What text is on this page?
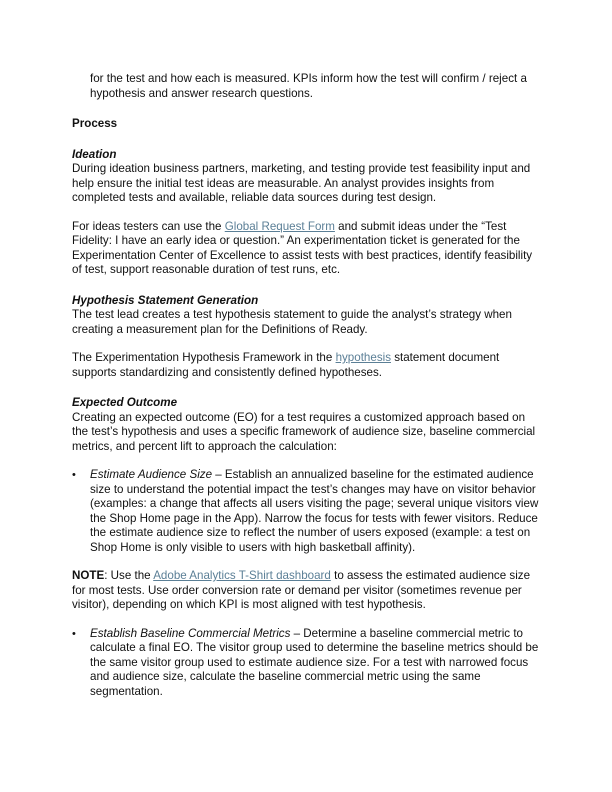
for the test and how each is measured. KPIs inform how the test will confirm / reject a hypothesis and answer research questions.

Process

Ideation

During ideation business partners, marketing, and testing provide test feasibility input and help ensure the initial test ideas are measurable. An analyst provides insights from completed tests and available, reliable data sources during test design.

For ideas testers can use the Global Request Form and submit ideas under the “Test Fidelity: I have an early idea or question.” An experimentation ticket is generated for the Experimentation Center of Excellence to assist tests with best practices, identify feasibility of test, support reasonable duration of test runs, etc.

Hypothesis Statement Generation

The test lead creates a test hypothesis statement to guide the analyst’s strategy when creating a measurement plan for the Definitions of Ready.

The Experimentation Hypothesis Framework in the hypothesis statement document supports standardizing and consistently defined hypotheses.

Expected Outcome

Creating an expected outcome (EO) for a test requires a customized approach based on the test’s hypothesis and uses a specific framework of audience size, baseline commercial metrics, and percent lift to approach the calculation:

• Estimate Audience Size – Establish an annualized baseline for the estimated audience size to understand the potential impact the test’s changes may have on visitor behavior (examples: a change that affects all users visiting the page; several unique visitors view the Shop Home page in the App). Narrow the focus for tests with fewer visitors. Reduce the estimate audience size to reflect the number of users exposed (example: a test on Shop Home is only visible to users with high basketball affinity).

NOTE: Use the Adobe Analytics T-Shirt dashboard to assess the estimated audience size for most tests. Use order conversion rate or demand per visitor (sometimes revenue per visitor), depending on which KPI is most aligned with test hypothesis.

• Establish Baseline Commercial Metrics – Determine a baseline commercial metric to calculate a final EO. The visitor group used to determine the baseline metrics should be the same visitor group used to estimate audience size. For a test with narrowed focus and audience size, calculate the baseline commercial metric using the same segmentation.
